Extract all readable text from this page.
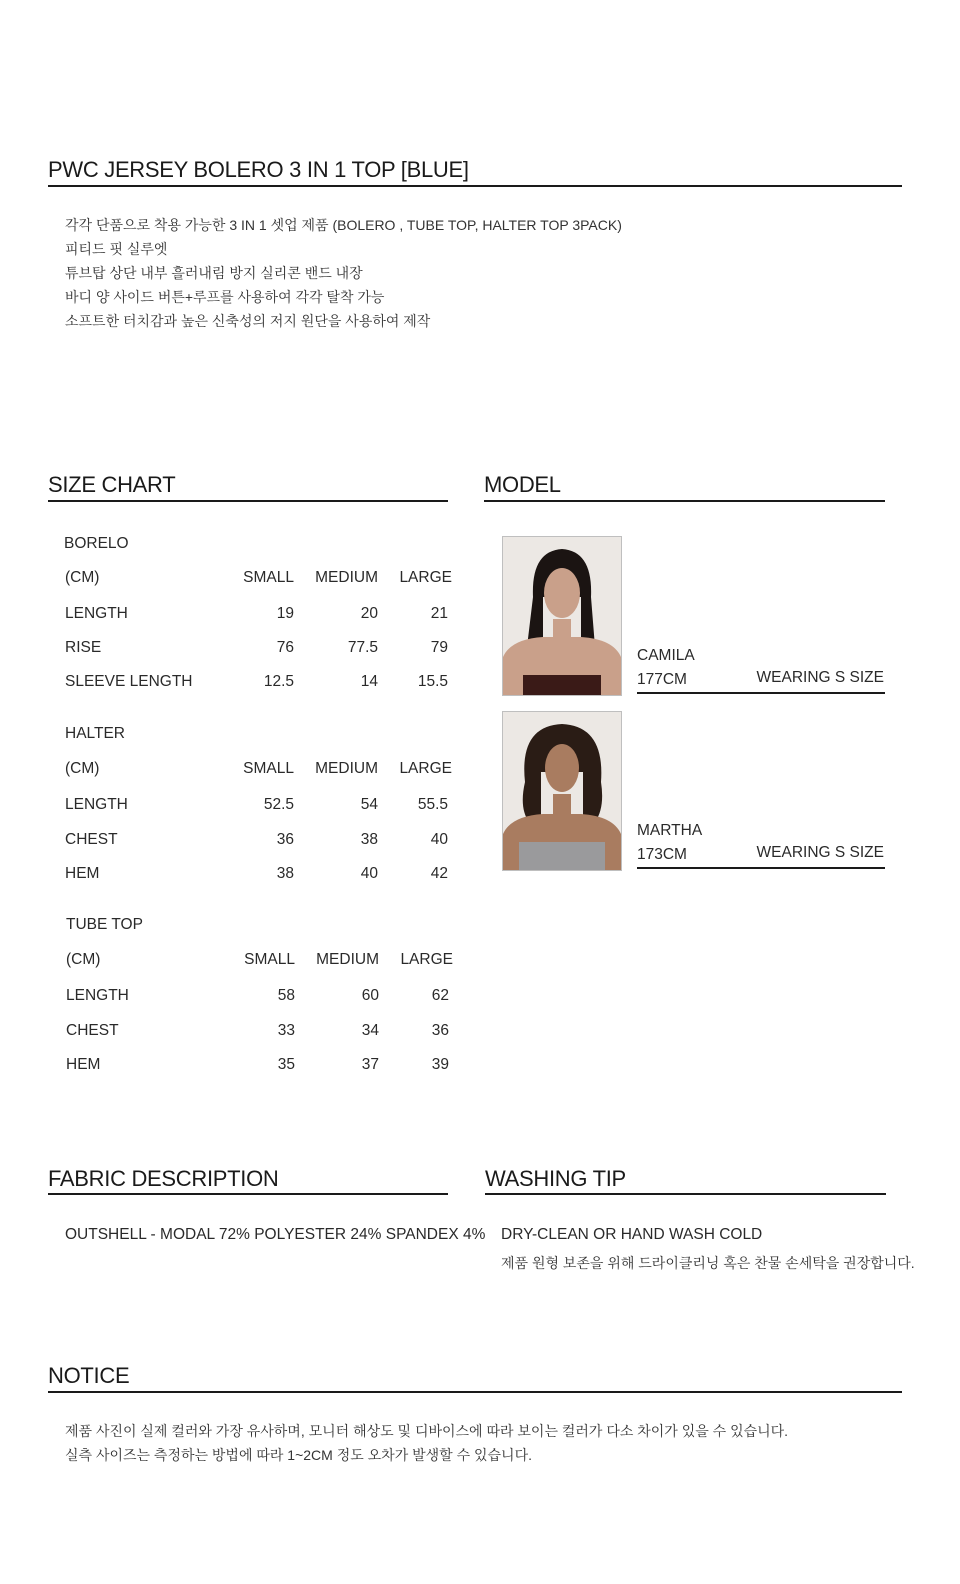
PWC JERSEY BOLERO 3 IN 1 TOP [BLUE]
각각 단품으로 착용 가능한 3 IN 1 셋업 제품 (BOLERO , TUBE TOP, HALTER TOP 3PACK)
피티드 핏 실루엣
튜브탑 상단 내부 흘러내림 방지 실리콘 밴드 내장
바디 양 사이드 버튼+루프를 사용하여 각각 탈착 가능
소프트한 터치감과 높은 신축성의 저지 원단을 사용하여 제작
SIZE CHART
BORELO
(CM)	SMALL MEDIUM LARGE
LENGTH	19	20	21
RISE	76	77.5	79
SLEEVE LENGTH	12.5	14	15.5
HALTER
(CM)	SMALL MEDIUM LARGE
LENGTH	52.5	54	55.5
CHEST	36	38	40
HEM	38	40	42
TUBE TOP
(CM)	SMALL MEDIUM LARGE
LENGTH	58	60	62
CHEST	33	34	36
HEM	35	37	39
MODEL
CAMILA
177CM	WEARING S SIZE
MARTHA
173CM	WEARING S SIZE
FABRIC DESCRIPTION
OUTSHELL - MODAL 72% POLYESTER 24% SPANDEX 4%
WASHING TIP
DRY-CLEAN OR HAND WASH COLD
제품 원형 보존을 위해 드라이클리닝 혹은 찬물 손세탁을 권장합니다.
NOTICE
제품 사진이 실제 컬러와 가장 유사하며, 모니터 해상도 및 디바이스에 따라 보이는 컬러가 다소 차이가 있을 수 있습니다.
실측 사이즈는 측정하는 방법에 따라 1~2CM 정도 오차가 발생할 수 있습니다.
